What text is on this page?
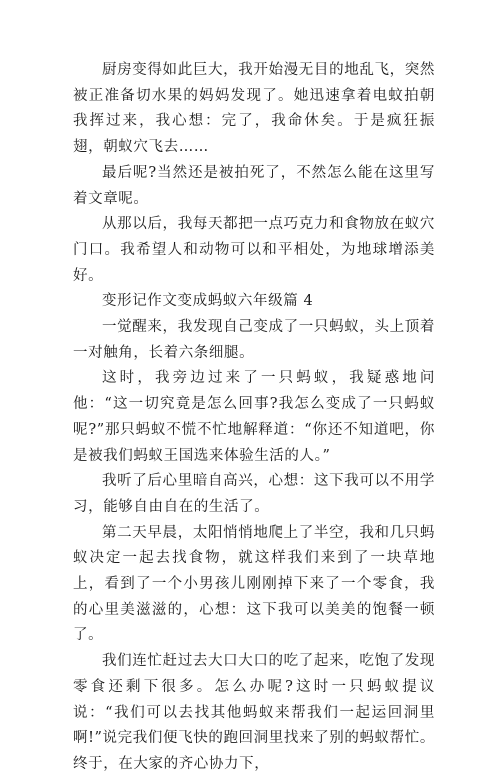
厨房变得如此巨大，我开始漫无目的地乱飞，突然被正准备切水果的妈妈发现了。她迅速拿着电蚊拍朝我挥过来，我心想：完了，我命休矣。于是疯狂振翅，朝蚁穴飞去……

最后呢?当然还是被拍死了，不然怎么能在这里写着文章呢。

从那以后，我每天都把一点巧克力和食物放在蚁穴门口。我希望人和动物可以和平相处，为地球增添美好。

变形记作文变成蚂蚁六年级篇 4

一觉醒来，我发现自己变成了一只蚂蚁，头上顶着一对触角，长着六条细腿。

这时，我旁边过来了一只蚂蚁，我疑惑地问他：“这一切究竟是怎么回事?我怎么变成了一只蚂蚁呢?”那只蚂蚁不慌不忙地解释道：“你还不知道吧，你是被我们蚂蚁王国选来体验生活的人。”

我听了后心里暗自高兴，心想：这下我可以不用学习，能够自由自在的生活了。

第二天早晨，太阳悄悄地爬上了半空，我和几只蚂蚁决定一起去找食物，就这样我们来到了一块草地上，看到了一个小男孩儿刚刚掉下来了一个零食，我的心里美滋滋的，心想：这下我可以美美的饱餐一顿了。

我们连忙赶过去大口大口的吃了起来，吃饱了发现零食还剩下很多。怎么办呢?这时一只蚂蚁提议说：“我们可以去找其他蚂蚁来帮我们一起运回洞里啊!”说完我们便飞快的跑回洞里找来了别的蚂蚁帮忙。终于，在大家的齐心协力下，
